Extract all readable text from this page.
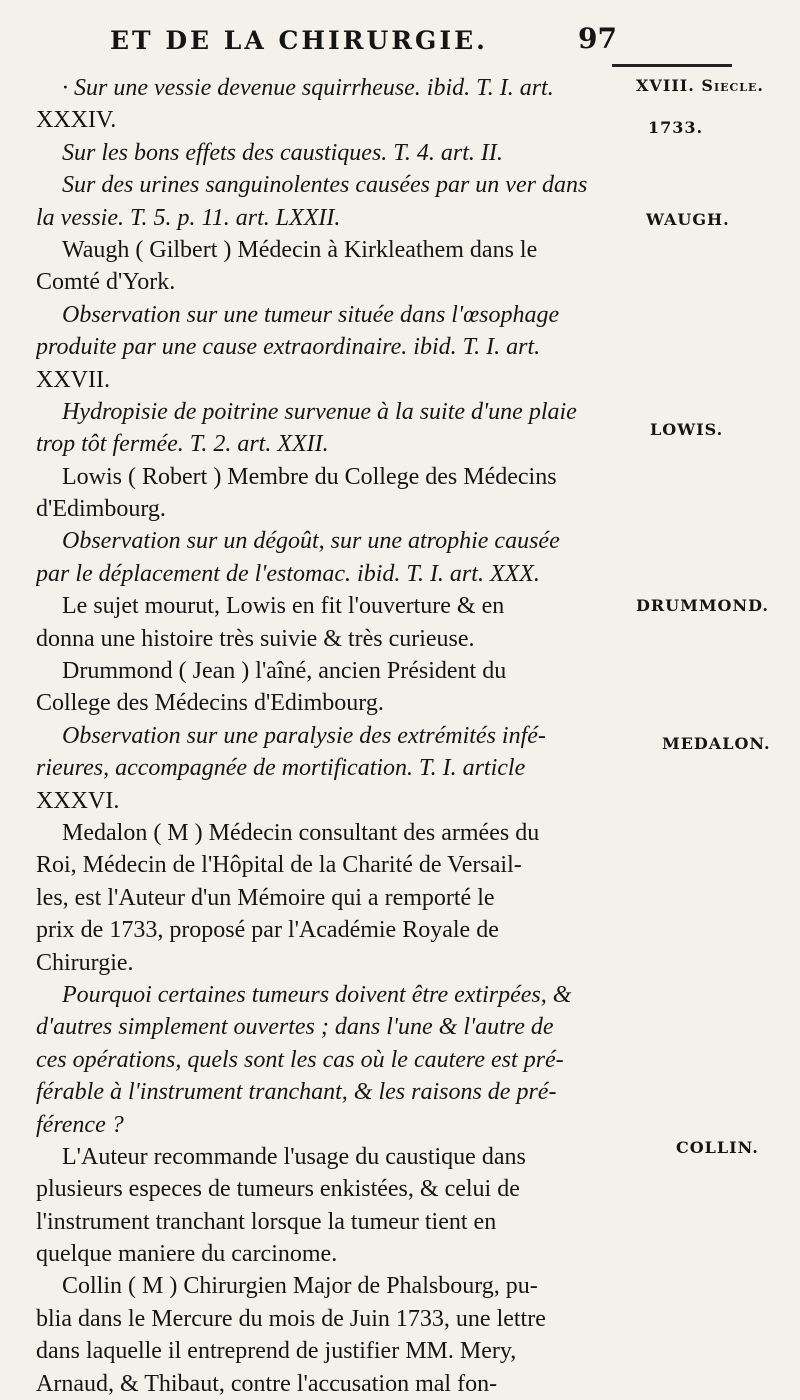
ET DE LA CHIRURGIE.	97
XVIII. Siecle.
1733.
WAUGH.
LOWIS.
DRUMMOND.
MEDALON.
COLLIN.
· Sur une vessie devenue squirrheuse. ibid. T. I. art.
XXXIV.
Sur les bons effets des caustiques. T. 4. art. II.
Sur des urines sanguinolentes causées par un ver dans
la vessie. T. 5. p. 11. art. LXXII.
Waugh ( Gilbert ) Médecin à Kirkleathem dans le
Comté d'York.
Observation sur une tumeur située dans l'œsophage
produite par une cause extraordinaire. ibid. T. I. art.
XXVII.
Hydropisie de poitrine survenue à la suite d'une plaie
trop tôt fermée. T. 2. art. XXII.
Lowis ( Robert ) Membre du College des Médecins
d'Edimbourg.
Observation sur un dégoût, sur une atrophie causée
par le déplacement de l'estomac. ibid. T. I. art. XXX.
Le sujet mourut, Lowis en fit l'ouverture & en
donna une histoire très suivie & très curieuse.
Drummond ( Jean ) l'aîné, ancien Président du
College des Médecins d'Edimbourg.
Observation sur une paralysie des extrémités infé-
rieures, accompagnée de mortification. T. I. article
XXXVI.
Medalon ( M ) Médecin consultant des armées du
Roi, Médecin de l'Hôpital de la Charité de Versail-
les, est l'Auteur d'un Mémoire qui a remporté le
prix de 1733, proposé par l'Académie Royale de
Chirurgie.
Pourquoi certaines tumeurs doivent être extirpées, &
d'autres simplement ouvertes ; dans l'une & l'autre de
ces opérations, quels sont les cas où le cautere est pré-
férable à l'instrument tranchant, & les raisons de pré-
férence ?
L'Auteur recommande l'usage du caustique dans
plusieurs especes de tumeurs enkistées, & celui de
l'instrument tranchant lorsque la tumeur tient en
quelque maniere du carcinome.
Collin ( M ) Chirurgien Major de Phalsbourg, pu-
blia dans le Mercure du mois de Juin 1733, une lettre
dans laquelle il entreprend de justifier MM. Mery,
Arnaud, & Thibaut, contre l'accusation mal fon-
